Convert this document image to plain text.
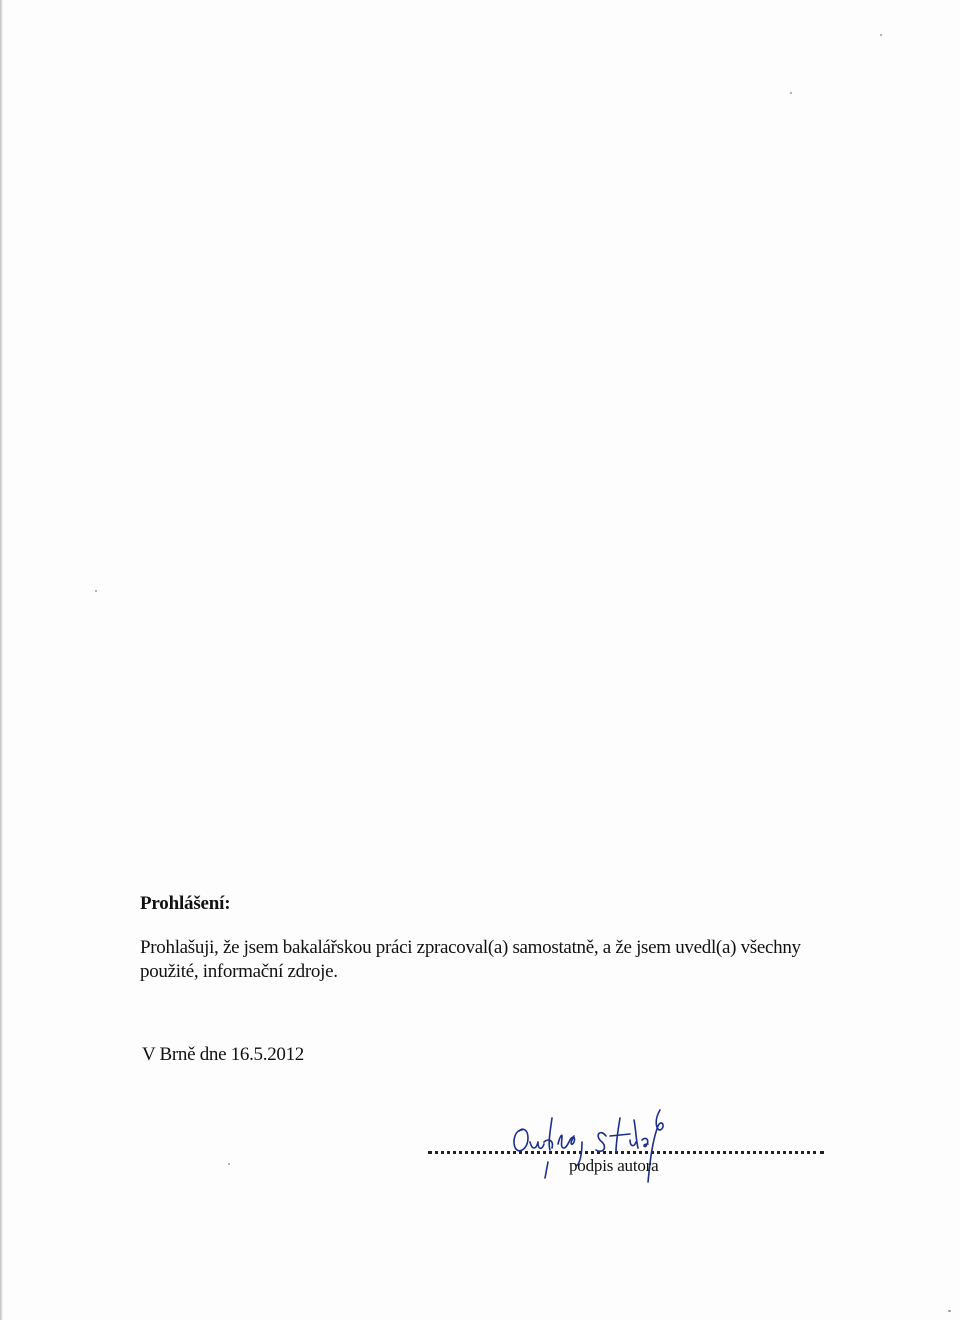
Prohlášení:
Prohlašuji, že jsem bakalářskou práci zpracoval(a) samostatně, a že jsem uvedl(a) všechny
použité, informační zdroje.
V Brně dne 16.5.2012
podpis autora
